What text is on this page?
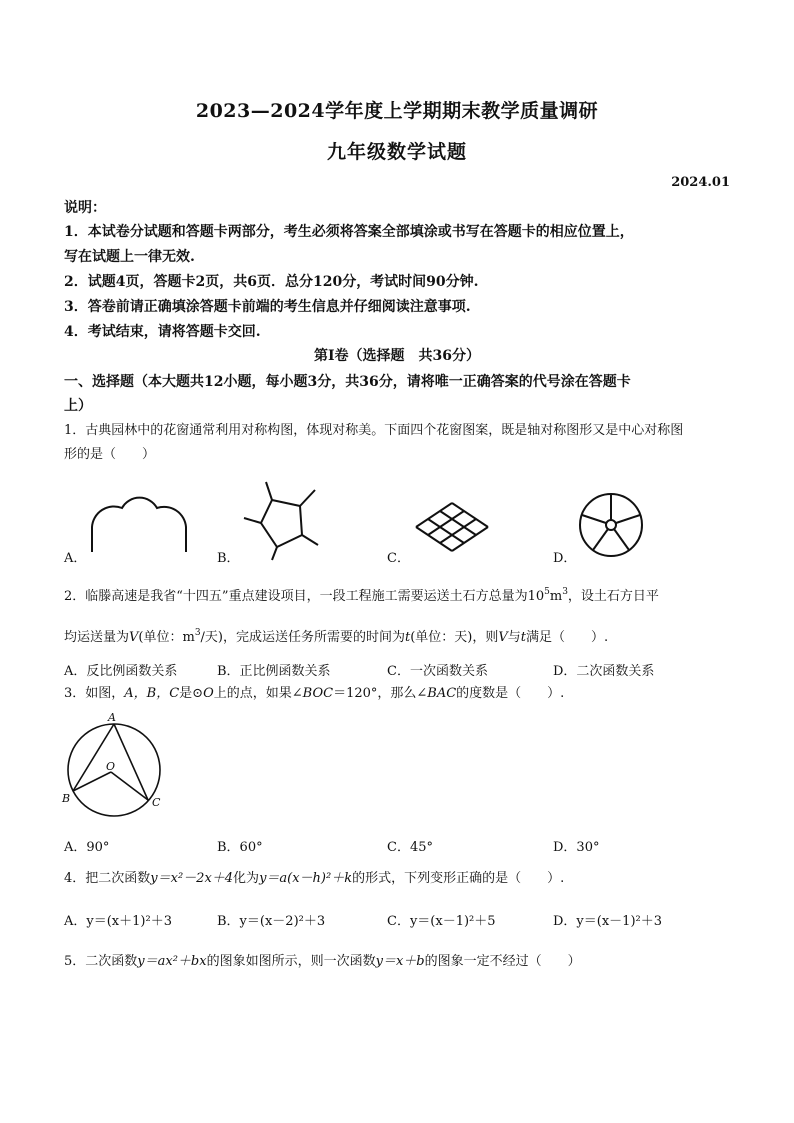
2023—2024学年度上学期期末教学质量调研
九年级数学试题
2024.01
说明：
1．本试卷分试题和答题卡两部分，考生必须将答案全部填涂或书写在答题卡的相应位置上，
写在试题上一律无效.
2．试题4页，答题卡2页，共6页．总分120分，考试时间90分钟.
3．答卷前请正确填涂答题卡前端的考生信息并仔细阅读注意事项.
4．考试结束，请将答题卡交回.
第Ⅰ卷（选择题　共36分）
一、选择题（本大题共12小题，每小题3分，共36分，请将唯一正确答案的代号涂在答题卡
上）
1．古典园林中的花窗通常利用对称构图，体现对称美。下面四个花窗图案，既是轴对称图形又是中心对称图
形的是（　　）
A．	B．	C．	D．
2．临滕高速是我省“十四五”重点建设项目，一段工程施工需要运送土石方总量为$10^5m^3$，设土石方日平
均运送量为V(单位：$m^3/$天)，完成运送任务所需要的时间为t(单位：天)，则V与t满足（　　）.
A．反比例函数关系	B．正比例函数关系	C．一次函数关系	D．二次函数关系
3．如图，A，B，C是⊙O上的点，如果∠BOC＝120°，那么∠BAC的度数是（　　）.
A
O
B	C
A．90°	B．60°	C．45°	D．30°
4．把二次函数y＝x²－2x＋4化为y＝a(x－h)²＋k的形式，下列变形正确的是（　　）.
A．y＝(x＋1)²＋3	B．y＝(x－2)²＋3	C．y＝(x－1)²＋5	D．y＝(x－1)²＋3
5．二次函数y＝ax²＋bx的图象如图所示，则一次函数y＝x＋b的图象一定不经过（　　）
